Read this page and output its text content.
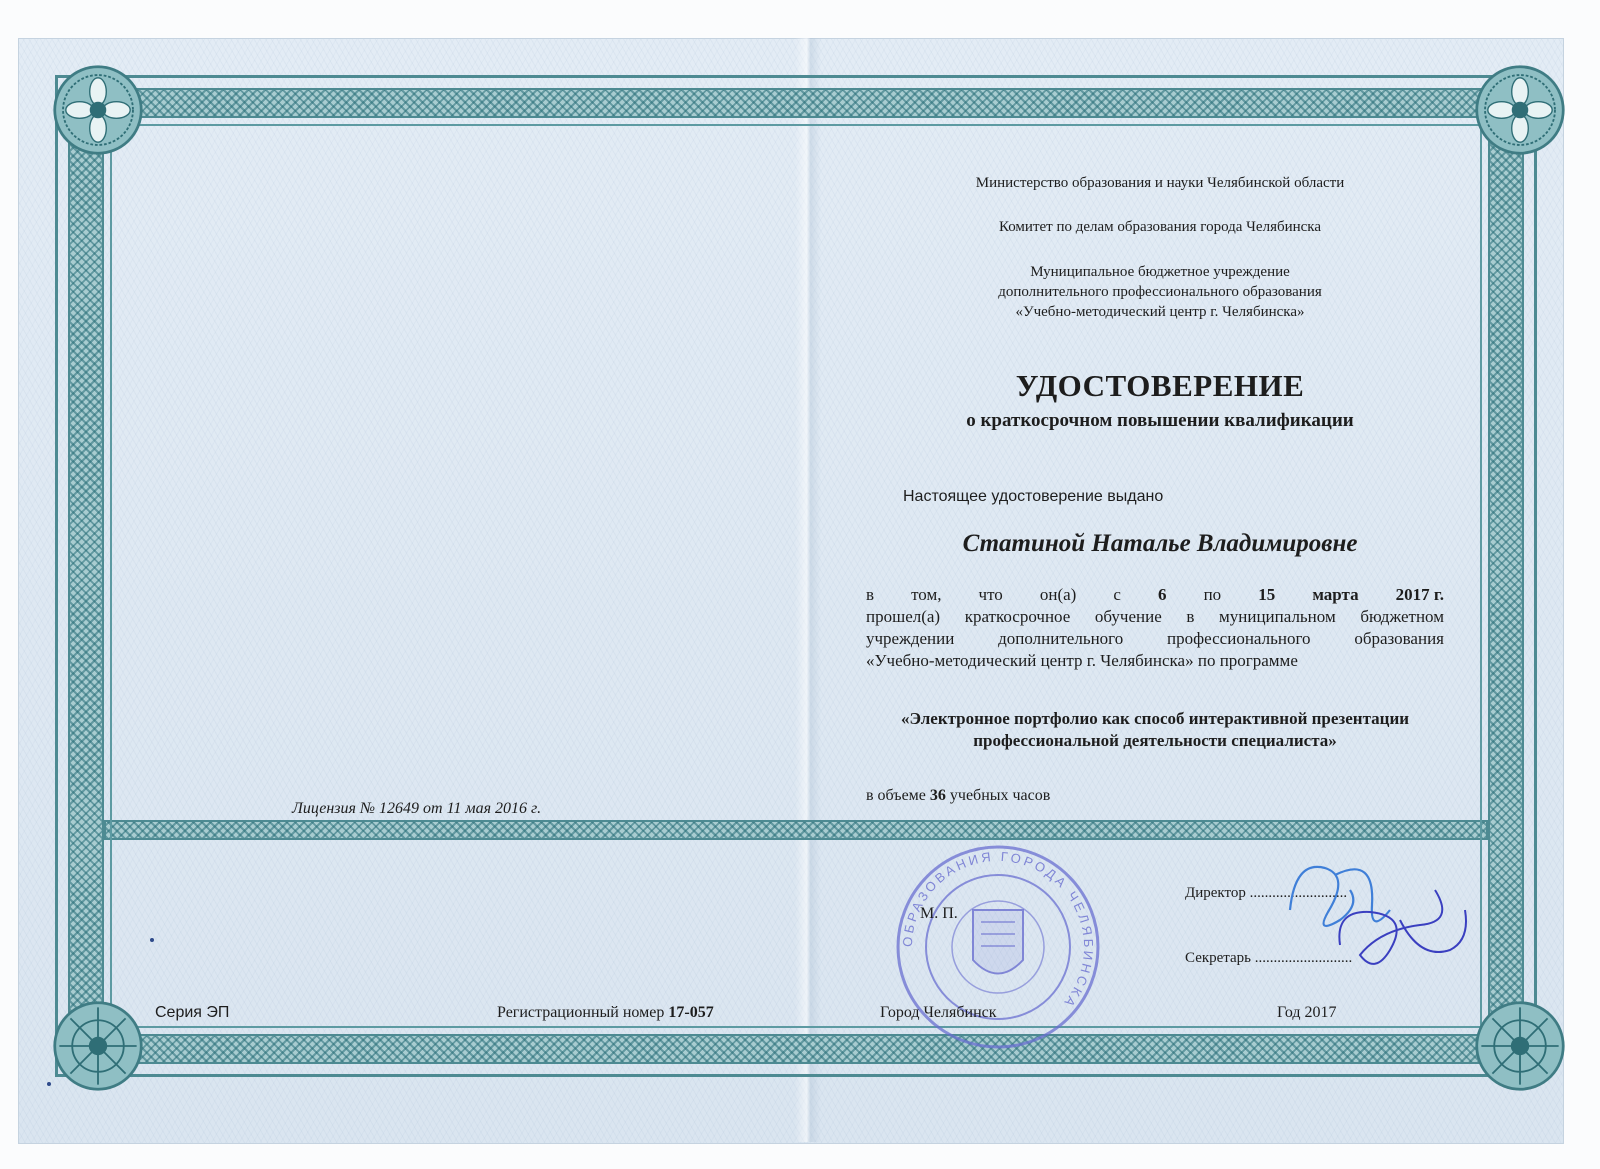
Министерство образования и науки Челябинской области
Комитет по делам образования города Челябинска
Муниципальное бюджетное учреждение
дополнительного профессионального образования
«Учебно-методический центр г. Челябинска»
УДОСТОВЕРЕНИЕ
о краткосрочном повышении квалификации
Настоящее удостоверение выдано
Статиной Наталье Владимировне
в том, что он(а) с 6 по 15 марта 2017 г.
прошел(а) краткосрочное обучение в муниципальном бюджетном
учреждении дополнительного профессионального образования
«Учебно-методический центр г. Челябинска» по программе
«Электронное портфолио как способ интерактивной презентации профессиональной деятельности специалиста»
в объеме 36 учебных часов
Лицензия № 12649 от 11 мая 2016 г.
ОБРАЗОВАНИЯ ГОРОДА ЧЕЛЯБИНСКА
М. П.
Директор ..........................
Секретарь ..........................
Серия ЭП	Регистрационный номер 17-057	Город Челябинск	Год 2017
